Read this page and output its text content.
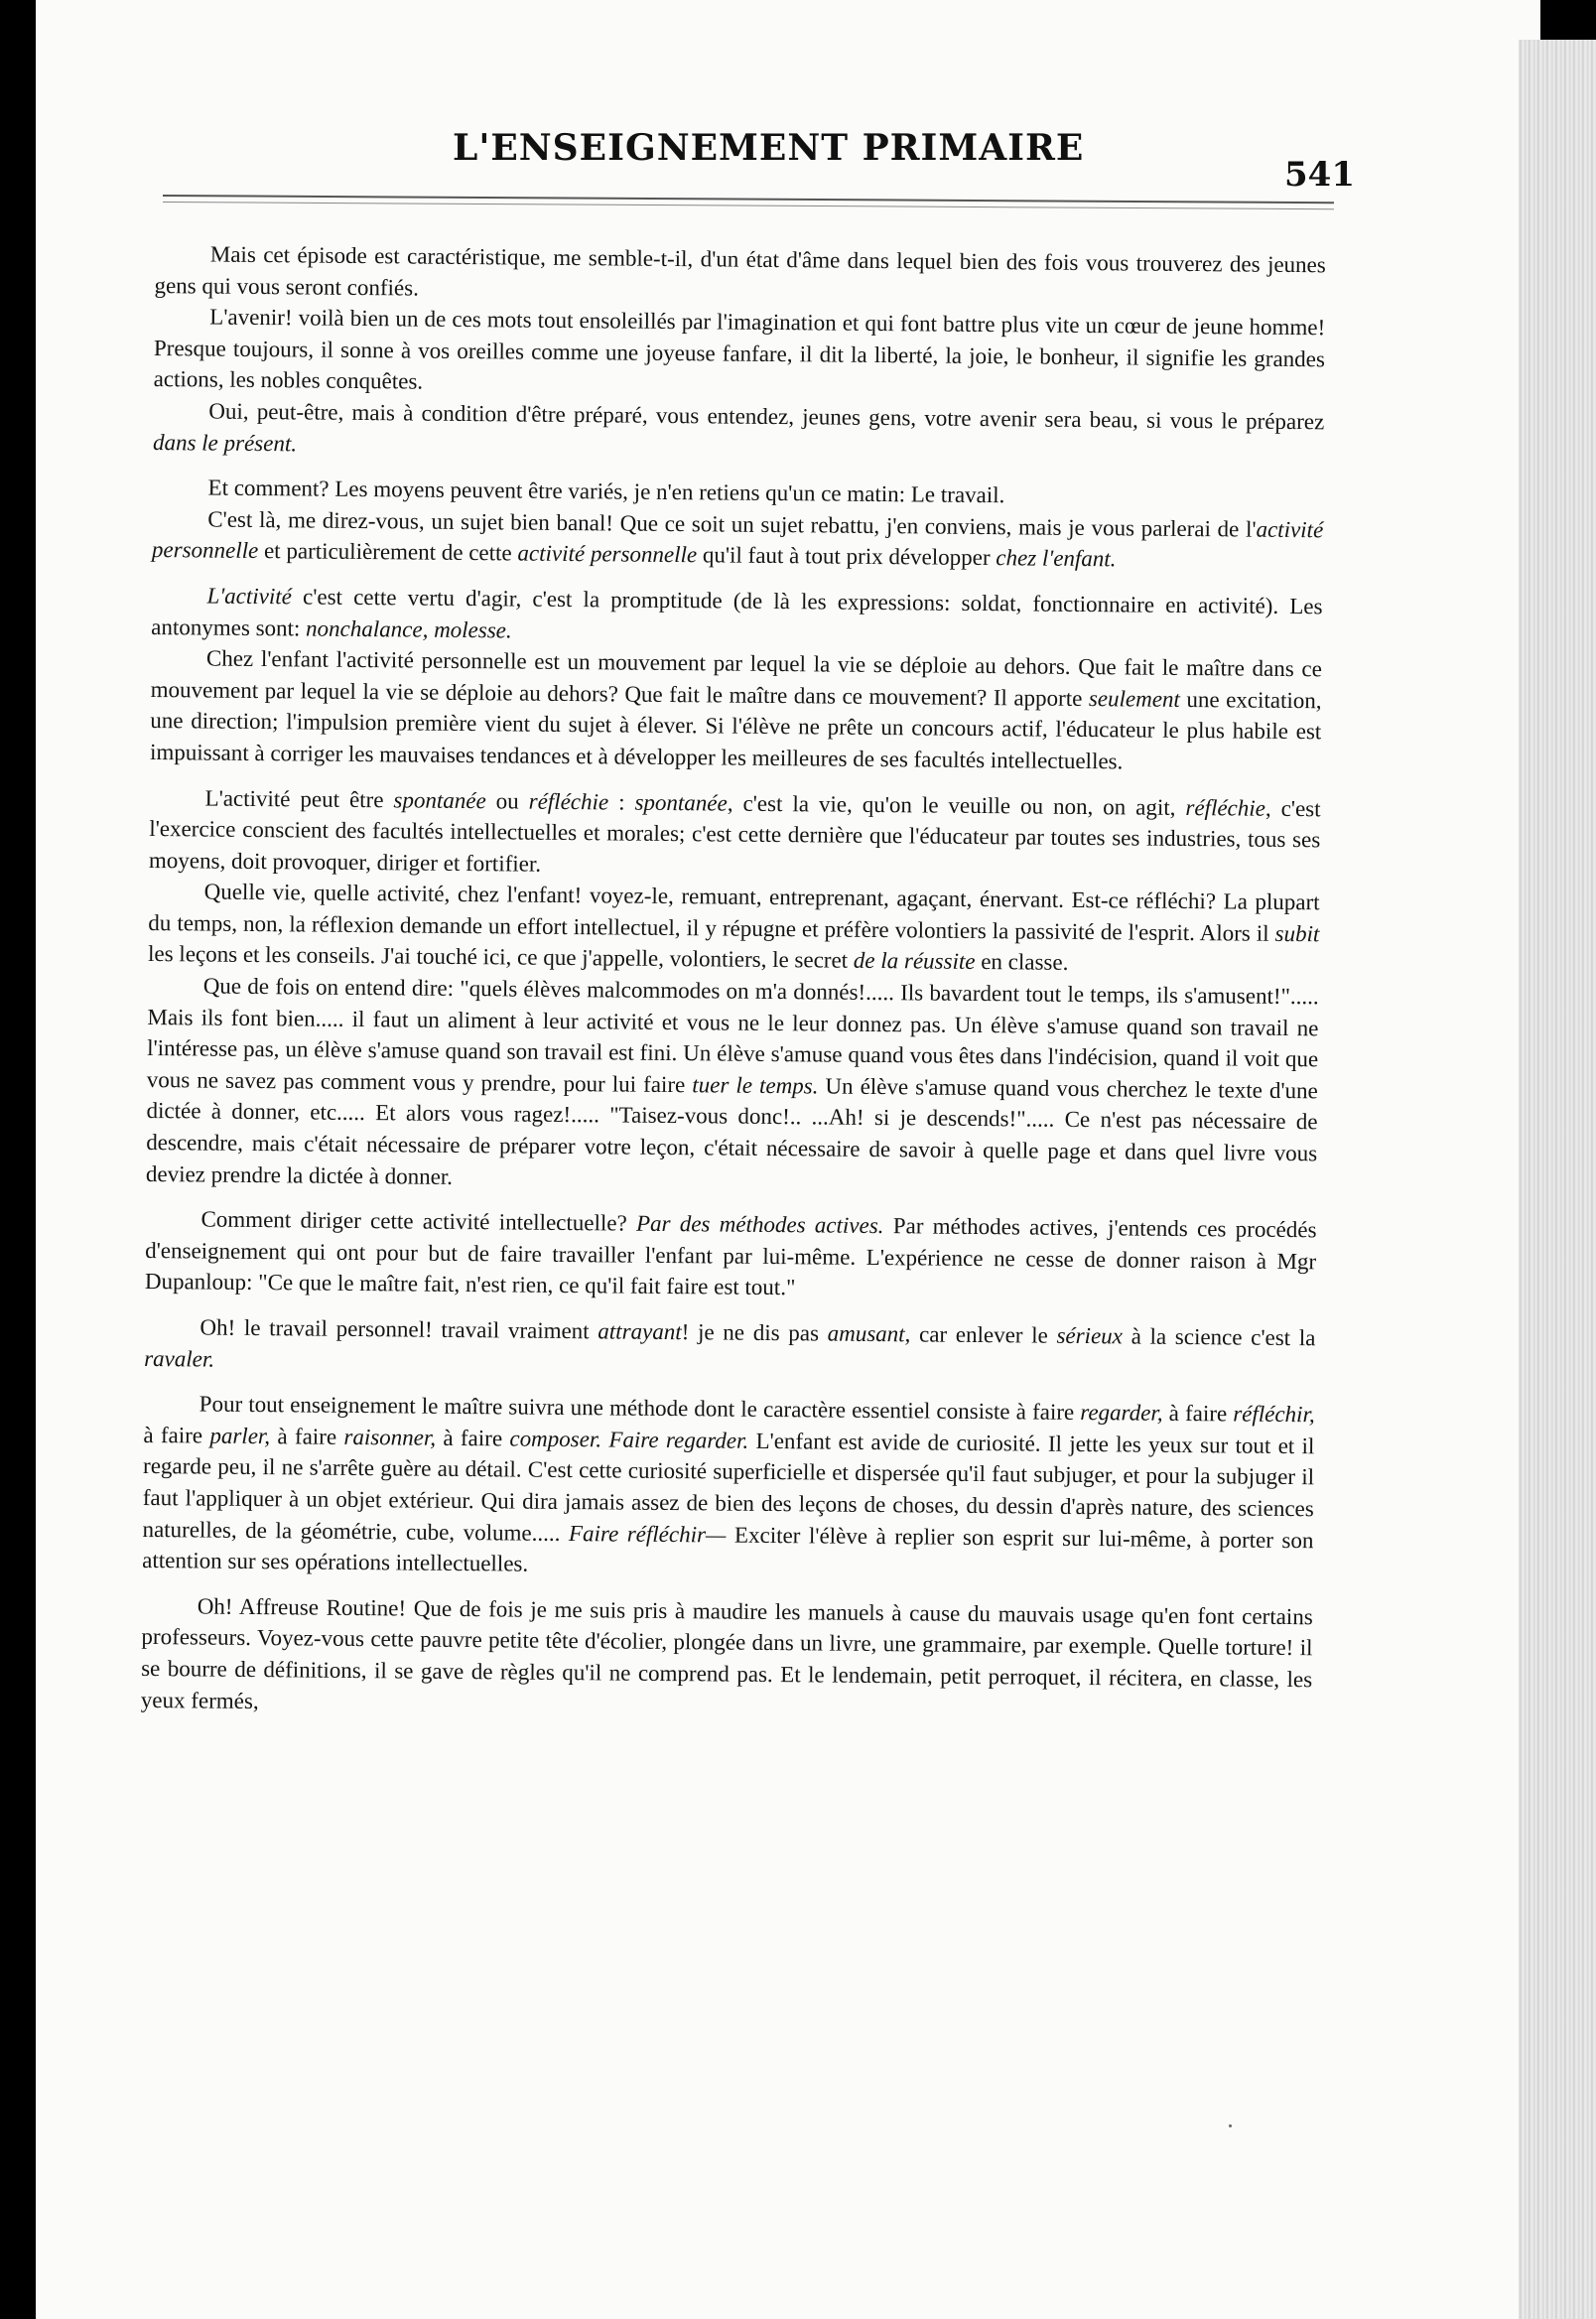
L'ENSEIGNEMENT PRIMAIRE
541

Mais cet épisode est caractéristique, me semble-t-il, d'un état d'âme dans lequel bien des fois vous trouverez des jeunes gens qui vous seront confiés.

L'avenir! voilà bien un de ces mots tout ensoleillés par l'imagination et qui font battre plus vite un cœur de jeune homme! Presque toujours, il sonne à vos oreilles comme une joyeuse fanfare, il dit la liberté, la joie, le bonheur, il signifie les grandes actions, les nobles conquêtes.

Oui, peut-être, mais à condition d'être préparé, vous entendez, jeunes gens, votre avenir sera beau, si vous le préparez dans le présent.

Et comment? Les moyens peuvent être variés, je n'en retiens qu'un ce matin: Le travail.

C'est là, me direz-vous, un sujet bien banal! Que ce soit un sujet rebattu, j'en conviens, mais je vous parlerai de l'activité personnelle et particulièrement de cette activité personnelle qu'il faut à tout prix développer chez l'enfant.

L'activité c'est cette vertu d'agir, c'est la promptitude (de là les expressions: soldat, fonctionnaire en activité). Les antonymes sont: nonchalance, molesse.

Chez l'enfant l'activité personnelle est un mouvement par lequel la vie se déploie au dehors. Que fait le maître dans ce mouvement par lequel la vie se déploie au dehors? Que fait le maître dans ce mouvement? Il apporte seulement une excitation, une direction; l'impulsion première vient du sujet à élever. Si l'élève ne prête un concours actif, l'éducateur le plus habile est impuissant à corriger les mauvaises tendances et à développer les meilleures de ses facultés intellectuelles.

L'activité peut être spontanée ou réfléchie : spontanée, c'est la vie, qu'on le veuille ou non, on agit, réfléchie, c'est l'exercice conscient des facultés intellectuelles et morales; c'est cette dernière que l'éducateur par toutes ses industries, tous ses moyens, doit provoquer, diriger et fortifier.

Quelle vie, quelle activité, chez l'enfant! voyez-le, remuant, entreprenant, agaçant, énervant. Est-ce réfléchi? La plupart du temps, non, la réflexion demande un effort intellectuel, il y répugne et préfère volontiers la passivité de l'esprit. Alors il subit les leçons et les conseils. J'ai touché ici, ce que j'appelle, volontiers, le secret de la réussite en classe.

Que de fois on entend dire: "quels élèves malcommodes on m'a donnés!..... Ils bavardent tout le temps, ils s'amusent!"..... Mais ils font bien..... il faut un aliment à leur activité et vous ne le leur donnez pas. Un élève s'amuse quand son travail ne l'intéresse pas, un élève s'amuse quand son travail est fini. Un élève s'amuse quand vous êtes dans l'indécision, quand il voit que vous ne savez pas comment vous y prendre, pour lui faire tuer le temps. Un élève s'amuse quand vous cherchez le texte d'une dictée à donner, etc..... Et alors vous ragez!..... "Taisez-vous donc!.. ...Ah! si je descends!"..... Ce n'est pas nécessaire de descendre, mais c'était nécessaire de préparer votre leçon, c'était nécessaire de savoir à quelle page et dans quel livre vous deviez prendre la dictée à donner.

Comment diriger cette activité intellectuelle? Par des méthodes actives. Par méthodes actives, j'entends ces procédés d'enseignement qui ont pour but de faire travailler l'enfant par lui-même. L'expérience ne cesse de donner raison à Mgr Dupanloup: "Ce que le maître fait, n'est rien, ce qu'il fait faire est tout."

Oh! le travail personnel! travail vraiment attrayant! je ne dis pas amusant, car enlever le sérieux à la science c'est la ravaler.

Pour tout enseignement le maître suivra une méthode dont le caractère essentiel consiste à faire regarder, à faire réfléchir, à faire parler, à faire raisonner, à faire composer. Faire regarder. L'enfant est avide de curiosité. Il jette les yeux sur tout et il regarde peu, il ne s'arrête guère au détail. C'est cette curiosité superficielle et dispersée qu'il faut subjuger, et pour la subjuger il faut l'appliquer à un objet extérieur. Qui dira jamais assez de bien des leçons de choses, du dessin d'après nature, des sciences naturelles, de la géométrie, cube, volume..... Faire réfléchir— Exciter l'élève à replier son esprit sur lui-même, à porter son attention sur ses opérations intellectuelles.

Oh! Affreuse Routine! Que de fois je me suis pris à maudire les manuels à cause du mauvais usage qu'en font certains professeurs. Voyez-vous cette pauvre petite tête d'écolier, plongée dans un livre, une grammaire, par exemple. Quelle torture! il se bourre de définitions, il se gave de règles qu'il ne comprend pas. Et le lendemain, petit perroquet, il récitera, en classe, les yeux fermés,
